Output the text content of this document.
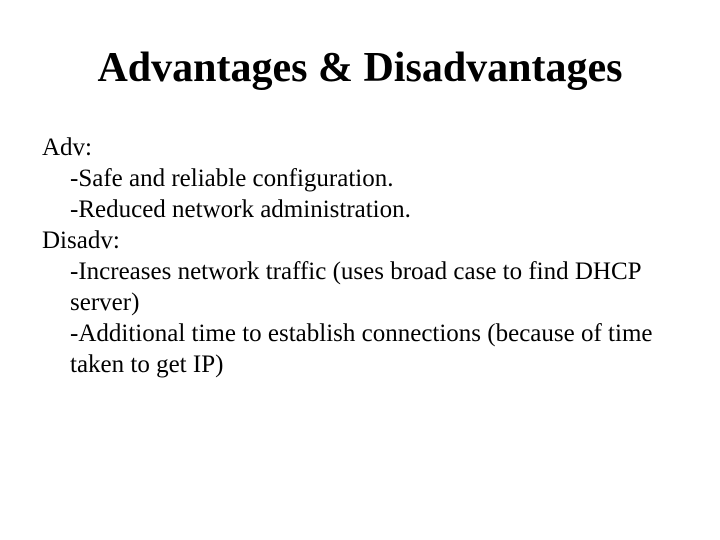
Advantages & Disadvantages
Adv:
-Safe and reliable configuration.
-Reduced network administration.
Disadv:
-Increases network traffic (uses broad case to find DHCP server)
-Additional time to establish connections (because of time taken to get IP)
